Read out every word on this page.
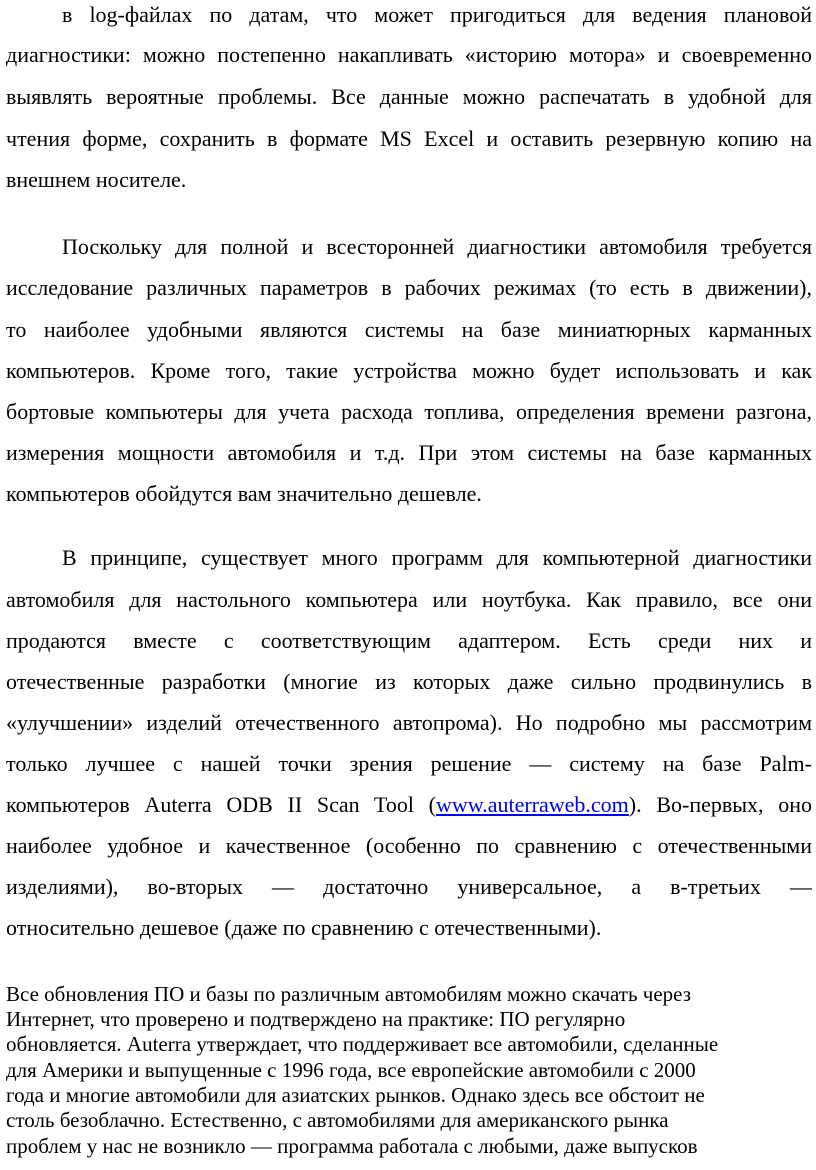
в log-файлах по датам, что может пригодиться для ведения плановой
диагностики: можно постепенно накапливать «историю мотора» и своевременно
выявлять вероятные проблемы. Все данные можно распечатать в удобной для
чтения форме, сохранить в формате MS Excel и оставить резервную копию на
внешнем носителе.
Поскольку для полной и всесторонней диагностики автомобиля требуется
исследование различных параметров в рабочих режимах (то есть в движении),
то наиболее удобными являются системы на базе миниатюрных карманных
компьютеров. Кроме того, такие устройства можно будет использовать и как
бортовые компьютеры для учета расхода топлива, определения времени разгона,
измерения мощности автомобиля и т.д. При этом системы на базе карманных
компьютеров обойдутся вам значительно дешевле.
В принципе, существует много программ для компьютерной диагностики
автомобиля для настольного компьютера или ноутбука. Как правило, все они
продаются вместе с соответствующим адаптером. Есть среди них и
отечественные разработки (многие из которых даже сильно продвинулись в
«улучшении» изделий отечественного автопрома). Но подробно мы рассмотрим
только лучшее с нашей точки зрения решение — систему на базе Palm-
компьютеров Auterra ODB II Scan Tool (www.auterraweb.com). Во-первых, оно
наиболее удобное и качественное (особенно по сравнению с отечественными
изделиями), во-вторых — достаточно универсальное, а в-третьих —
относительно дешевое (даже по сравнению с отечественными).
Все обновления ПО и базы по различным автомобилям можно скачать через
Интернет, что проверено и подтверждено на практике: ПО регулярно
обновляется. Auterra утверждает, что поддерживает все автомобили, сделанные
для Америки и выпущенные с 1996 года, все европейские автомобили с 2000
года и многие автомобили для азиатских рынков. Однако здесь все обстоит не
столь безоблачно. Естественно, с автомобилями для американского рынка
проблем у нас не возникло — программа работала с любыми, даже выпусков
